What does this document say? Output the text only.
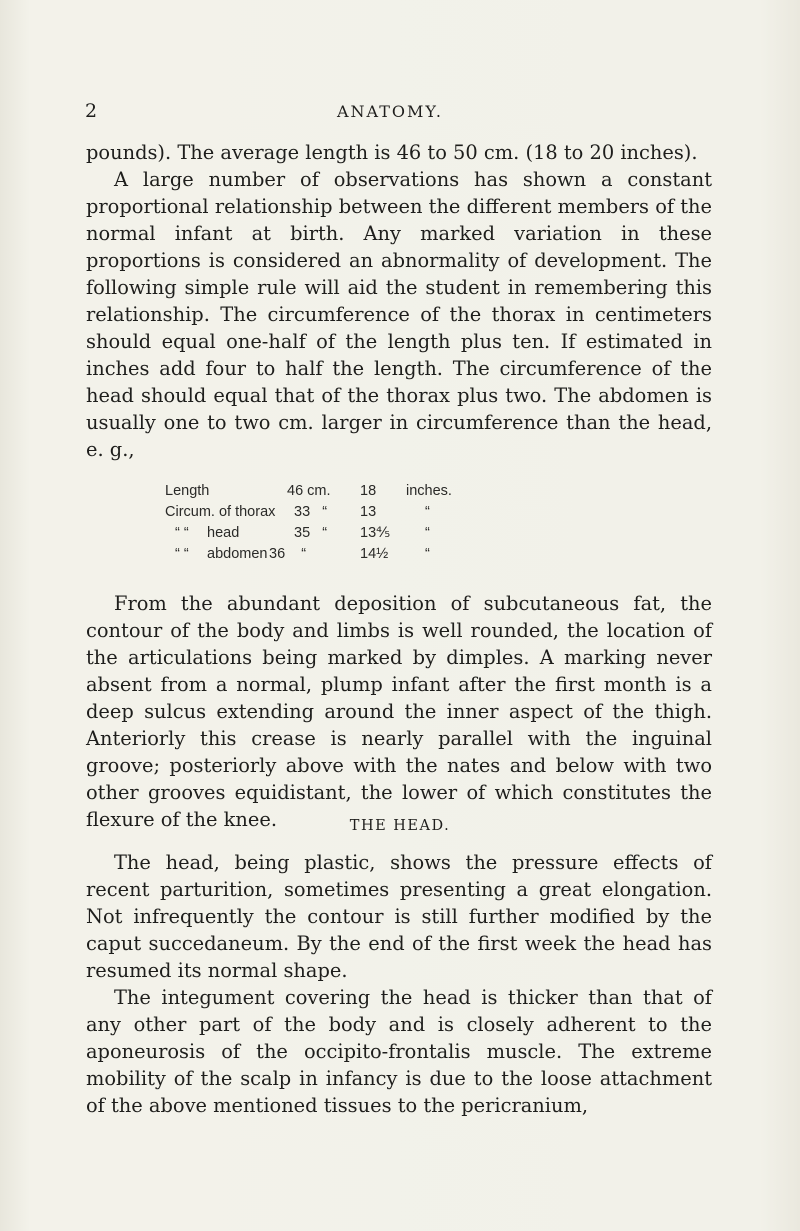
2	ANATOMY.

pounds). The average length is 46 to 50 cm. (18 to 20 inches).

A large number of observations has shown a constant proportional relationship between the different members of the normal infant at birth. Any marked variation in these proportions is considered an abnormality of development. The following simple rule will aid the student in remembering this relationship. The circumference of the thorax in centimeters should equal one-half of the length plus ten. If estimated in inches add four to half the length. The circumference of the head should equal that of the thorax plus two. The abdomen is usually one to two cm. larger in circumference than the head, e. g.,

Length	46 cm.	18	inches.
Circum. of thorax 33 “	13	“
“ “ head	35 “	13⅘	“
“ “ abdomen 36 “	14½	“

From the abundant deposition of subcutaneous fat, the contour of the body and limbs is well rounded, the location of the articulations being marked by dimples. A marking never absent from a normal, plump infant after the first month is a deep sulcus extending around the inner aspect of the thigh. Anteriorly this crease is nearly parallel with the inguinal groove; posteriorly above with the nates and below with two other grooves equidistant, the lower of which constitutes the flexure of the knee.	THE HEAD.

The head, being plastic, shows the pressure effects of recent parturition, sometimes presenting a great elongation. Not infrequently the contour is still further modified by the caput succedaneum. By the end of the first week the head has resumed its normal shape.

The integument covering the head is thicker than that of any other part of the body and is closely adherent to the aponeurosis of the occipito-frontalis muscle. The extreme mobility of the scalp in infancy is due to the loose attachment of the above mentioned tissues to the pericranium,
